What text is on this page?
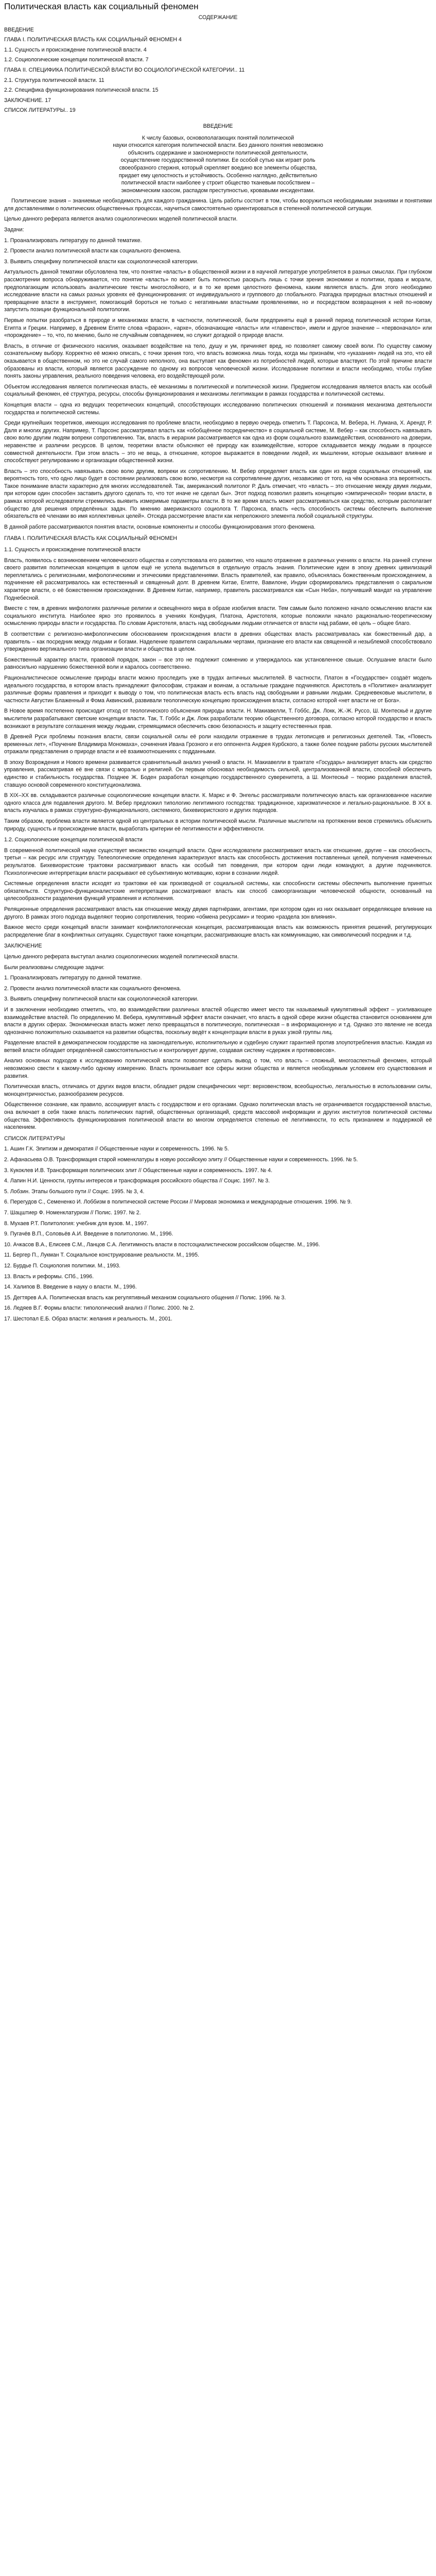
Политическая власть как социальный феномен
СОДЕРЖАНИЕ
ВВЕДЕНИЕ
ГЛАВА I. ПОЛИТИЧЕСКАЯ ВЛАСТЬ КАК СОЦИАЛЬНЫЙ ФЕНОМЕН 4
1.1. Сущность и происхождение политической власти. 4
1.2. Социологические концепции политической власти. 7
ГЛАВА II. СПЕЦИФИКА ПОЛИТИЧЕСКОЙ ВЛАСТИ ВО СОЦИОЛОГИЧЕСКОЙ КАТЕГОРИИ.. 11
2.1. Структура политической власти. 11
2.2. Специфика функционирования политической власти. 15
ЗАКЛЮЧЕНИЕ. 17
СПИСОК ЛИТЕРАТУРЫ.. 19
ВВЕДЕНИЕ

К числу базовых, основополагающих понятий политической

науки относится категория политической власти. Без данного понятия невозможно

объяснить содержание и закономерности политической деятельности,

осуществление государственной политики. Ее особой сутью как играет роль

своеобразного стержня, который скрепляет воедино все элементы общества,

придает ему целостность и устойчивость. Особенно наглядно, действительно

политической власти наиболее у строит общество тканевым пособствием –

экономическим хаосом, распадом преступностью, кровавыми инсидентами.

Политические знания – знаниемые необходимость для каждого гражданина. Цель работы состоит в том, чтобы вооружиться необходимыми знаниями и понятиями для доставлениями о политических общественных процессах, научиться самостоятельно ориентироваться в степенной политической ситуации.

Целью данного реферата является анализ социологических моделей политической власти.

Задачи:

1. Проанализировать литературу по данной тематике.

2. Провести анализ политической власти как социального феномена.

3. Выявить специфику политической власти как социологической категории.

Актуальность данной тематики обусловлена тем, что понятие «власть» в общественной жизни и в научной литературе употребляется в разных смыслах. При глубоком рассмотрении вопроса обнаруживается, что понятие «власть» по может быть полностью раскрыть лишь с точки зрения экономики и политики, права и морали, предполагающим использовать аналитические тексты многослойного, и в то же время целостного феномена, каким является власть. Для этого необходимо исследование власти на самых разных уровнях её функционирования: от индивидуального и группового до глобального. Разгадка природных властных отношений и превращение власти в инструмент, помогающий бороться не только с негативными властными проявлениями, но и посредством возвращения к ней по-новому запустить позиции функциональной политологии.

Первые попытки разобраться в природе и механизмах власти, в частности, политической, были предприняты ещё в ранний период политической истории Китая, Египта и Греции. Например, в Древнем Египте слова «фараон», «архе», обозначающие «власть» или «главенство», имели и другое значение – «первоначало» или «порождение» – то, что, по мнению, было не случайным совпадением, но служит догадкой о природе власти.

Власть, в отличие от физического насилия, оказывает воздействие на тело, душу и ум, причиняет вред, но позволяет самому своей воли. По существу самому сознательному выбору. Корректно её можно описать, с точки зрения того, что власть возможна лишь тогда, когда мы признаём, что «указания» людей на это, что ей оказывается в общественном, но это не случай самого неполного, она выступает как феномен из потребностей людей, которые властвуют. По этой причине власти образованы из власти, который является рассуждение по одному из вопросов человеческой жизни. Исследование политики и власти необходимо, чтобы глубже понять законы управления, реального поведения человека, его воздействующей роли.

Объектом исследования является политическая власть, её механизмы в политической и политической жизни. Предметом исследования является власть как особый социальный феномен, её структура, ресурсы, способы функционирования и механизмы легитимации в рамках государства и политической системы.

Концепция власти – одна из ведущих теоретических концепций, способствующих исследованию политических отношений и понимания механизма деятельности государства и политической системы.

Среди крупнейших теоретиков, имеющих исследования по проблеме власти, необходимо в первую очередь отметить Т. Парсонса, М. Вебера, Н. Лумана, Х. Арендт, Р. Даля и многих других. Например, Т. Парсонс рассматривал власть как «обобщённое посредничество» в социальной системе, М. Вебер – как способность навязывать свою волю другим людям вопреки сопротивлению. Так, власть в иерархии рассматривается как одна из форм социального взаимодействия, основанного на доверии, неравенстве и различии ресурсов. В целом, теоретики власти объясняют её природу как взаимодействие, которое складывается между людьми в процессе совместной деятельности. При этом власть – это не вещь, а отношение, которое выражается в поведении людей, их мышлении, которые оказывают влияние и способствуют регулированию и организации общественной жизни.

Власть – это способность навязывать свою волю другим, вопреки их сопротивлению. М. Вебер определяет власть как один из видов социальных отношений, как вероятность того, что одно лицо будет в состоянии реализовать свою волю, несмотря на сопротивление других, независимо от того, на чём основана эта вероятность. Такое понимание власти характерно для многих исследователей. Так, американский политолог Р. Даль отмечает, что «власть – это отношение между двумя людьми, при котором один способен заставить другого сделать то, что тот иначе не сделал бы». Этот подход позволил развить концепцию «эмпирической» теории власти, в рамках которой исследователи стремились выявить измеримые параметры власти. В то же время власть может рассматриваться как средство, которым располагает общество для решения определённых задач. По мнению американского социолога Т. Парсонса, власть «есть способность системы обеспечить выполнение обязательств её членами во имя коллективных целей». Отсюда рассмотрение власти как непреложного элемента любой социальной структуры.

В данной работе рассматриваются понятия власти, основные компоненты и способы функционирования этого феномена.

ГЛАВА I. ПОЛИТИЧЕСКАЯ ВЛАСТЬ КАК СОЦИАЛЬНЫЙ ФЕНОМЕН
1.1. Сущность и происхождение политической власти

Власть, появилось с возникновением человеческого общества и сопутствовала его развитию, что нашло отражение в различных учениях о власти. На ранней ступени своего развития политическая концепция в целом ещё не успела выделиться в отдельную отрасль знания. Политические идеи в эпоху древних цивилизаций переплетались с религиозными, мифологическими и этическими представлениями. Власть правителей, как правило, объяснялась божественным происхождением, а подчинение ей рассматривалось как естественный и священный долг. В древнем Китае, Египте, Вавилоне, Индии сформировались представления о сакральном характере власти, о её божественном происхождении. В Древнем Китае, например, правитель рассматривался как «Сын Неба», получивший мандат на управление Поднебесной.

Вместе с тем, в древних мифологиях различные религии и освещённого мира в образе изобилия власти. Тем самым было положено начало осмыслению власти как социального института. Наиболее ярко это проявилось в учениях Конфуция, Платона, Аристотеля, которые положили начало рационально-теоретическому осмыслению природы власти и государства. По словам Аристотеля, власть над свободными людьми отличается от власти над рабами, её цель – общее благо.

В соответствии с религиозно-мифологическим обоснованием происхождения власти в древних обществах власть рассматривалась как божественный дар, а правитель – как посредник между людьми и богами. Наделение правителя сакральными чертами, признание его власти как священной и незыблемой способствовало утверждению вертикального типа организации власти и общества в целом.

Божественный характер власти, правовой порядок, закон – все это не подлежит сомнению и утверждалось как установленное свыше. Ослушание власти было равносильно нарушению божественной воли и каралось соответственно.

Рационалистическое осмысление природы власти можно проследить уже в трудах античных мыслителей. В частности, Платон в «Государстве» создаёт модель идеального государства, в котором власть принадлежит философам, стражам и воинам, а остальные граждане подчиняются. Аристотель в «Политике» анализирует различные формы правления и приходит к выводу о том, что политическая власть есть власть над свободными и равными людьми. Средневековые мыслители, в частности Августин Блаженный и Фома Аквинский, развивали теологическую концепцию происхождения власти, согласно которой «нет власти не от Бога».

В Новое время постепенно происходит отход от теологического объяснения природы власти. Н. Макиавелли, Т. Гоббс, Дж. Локк, Ж.-Ж. Руссо, Ш. Монтескьё и другие мыслители разрабатывают светские концепции власти. Так, Т. Гоббс и Дж. Локк разработали теорию общественного договора, согласно которой государство и власть возникают в результате соглашения между людьми, стремящимися обеспечить свою безопасность и защиту естественных прав.

В Древней Руси проблемы познания власти, связи социальной силы её роли находили отражение в трудах летописцев и религиозных деятелей. Так, «Повесть временных лет», «Поучение Владимира Мономаха», сочинения Ивана Грозного и его оппонента Андрея Курбского, а также более поздние работы русских мыслителей отражали представления о природе власти и её взаимоотношениях с подданными.

В эпоху Возрождения и Нового времени развивается сравнительный анализ учений о власти. Н. Макиавелли в трактате «Государь» анализирует власть как средство управления, рассматривая её вне связи с моралью и религией. Он первым обосновал необходимость сильной, централизованной власти, способной обеспечить единство и стабильность государства. Позднее Ж. Боден разработал концепцию государственного суверенитета, а Ш. Монтескьё – теорию разделения властей, ставшую основой современного конституционализма.

В XIX–XX вв. складываются различные социологические концепции власти. К. Маркс и Ф. Энгельс рассматривали политическую власть как организованное насилие одного класса для подавления другого. М. Вебер предложил типологию легитимного господства: традиционное, харизматическое и легально-рациональное. В XX в. власть изучалась в рамках структурно-функционального, системного, бихевиористского и других подходов.

Таким образом, проблема власти является одной из центральных в истории политической мысли. Различные мыслители на протяжении веков стремились объяснить природу, сущность и происхождение власти, выработать критерии её легитимности и эффективности.

1.2. Социологические концепции политической власти

В современной политической науке существует множество концепций власти. Одни исследователи рассматривают власть как отношение, другие – как способность, третьи – как ресурс или структуру. Телеологические определения характеризуют власть как способность достижения поставленных целей, получения намеченных результатов. Бихевиористские трактовки рассматривают власть как особый тип поведения, при котором одни люди командуют, а другие подчиняются. Психологические интерпретации власти раскрывают её субъективную мотивацию, корни в сознании людей.

Системные определения власти исходят из трактовки её как производной от социальной системы, как способности системы обеспечить выполнение принятых обязательств. Структурно-функционалистские интерпретации рассматривают власть как способ самоорганизации человеческой общности, основанный на целесообразности разделения функций управления и исполнения.

Реляционные определения рассматривают власть как отношение между двумя партнёрами, агентами, при котором один из них оказывает определяющее влияние на другого. В рамках этого подхода выделяют теорию сопротивления, теорию «обмена ресурсами» и теорию «раздела зон влияния».

Важное место среди концепций власти занимает конфликтологическая концепция, рассматривающая власть как возможность принятия решений, регулирующих распределение благ в конфликтных ситуациях. Существуют также концепции, рассматривающие власть как коммуникацию, как символический посредник и т.д.

ЗАКЛЮЧЕНИЕ

Целью данного реферата выступал анализ социологических моделей политической власти.

Были реализованы следующие задачи:

1. Проанализировать литературу по данной тематике.

2. Провести анализ политической власти как социального феномена.

3. Выявить специфику политической власти как социологической категории.

И в заключении необходимо отметить, что, во взаимодействии различных властей общество имеет место так называемый кумулятивный эффект – усиливающее взаимодействие властей. По определению М. Вебера, кумулятивный эффект власти означает, что власть в одной сфере жизни общества становится основанием для власти в других сферах. Экономическая власть может легко превращаться в политическую, политическая – в информационную и т.д. Однако это явление не всегда однозначно положительно сказывается на развитии общества, поскольку ведёт к концентрации власти в руках узкой группы лиц.

Разделение властей в демократическом государстве на законодательную, исполнительную и судебную служит гарантией против злоупотребления властью. Каждая из ветвей власти обладает определённой самостоятельностью и контролирует другие, создавая систему «сдержек и противовесов».

Анализ основных подходов к исследованию политической власти позволяет сделать вывод о том, что власть – сложный, многоаспектный феномен, который невозможно свести к какому-либо одному измерению. Власть пронизывает все сферы жизни общества и является необходимым условием его существования и развития.

Политическая власть, отличаясь от других видов власти, обладает рядом специфических черт: верховенством, всеобщностью, легальностью в использовании силы, моноцентричностью, разнообразием ресурсов.

Общественное сознание, как правило, ассоциирует власть с государством и его органами. Однако политическая власть не ограничивается государственной властью, она включает в себя также власть политических партий, общественных организаций, средств массовой информации и других институтов политической системы общества. Эффективность функционирования политической власти во многом определяется степенью её легитимности, то есть признанием и поддержкой её населением.

СПИСОК ЛИТЕРАТУРЫ

1. Ашин Г.К. Элитизм и демократия // Общественные науки и современность. 1996. № 5.

2. Афанасьева О.В. Трансформация старой номенклатуры в новую российскую элиту // Общественные науки и современность. 1996. № 5.

3. Кукоклев И.В. Трансформация политических элит // Общественные науки и современность. 1997. № 4.

4. Лапин Н.И. Ценности, группы интересов и трансформация российского общества // Социс. 1997. № 3.

5. Лобзин. Этапы большого пути // Социс. 1995. № 3, 4.

6. Перегудов С., Семененко И. Лоббизм в политической системе России // Мировая экономика и международные отношения. 1996. № 9.

7. Шацштиер Ф. Номенклатуризм // Полис. 1997. № 2.

8. Мухаев Р.Т. Политология: учебник для вузов. М., 1997.

9. Пугачёв В.П., Соловьёв А.И. Введение в политологию. М., 1996.

10. Ачкасов В.А., Елисеев С.М., Ланцов С.А. Легитимность власти в постсоциалистическом российском обществе. М., 1996.

11. Бергер П., Лукман Т. Социальное конструирование реальности. М., 1995.

12. Бурдье П. Социология политики. М., 1993.

13. Власть и реформы. СПб., 1996.

14. Халипов В. Введение в науку о власти. М., 1996.

15. Дегтярев А.А. Политическая власть как регулятивный механизм социального общения // Полис. 1996. № 3.

16. Ледяев В.Г. Формы власти: типологический анализ // Полис. 2000. № 2.

17. Шестопал Е.Б. Образ власти: желания и реальность. М., 2001.
